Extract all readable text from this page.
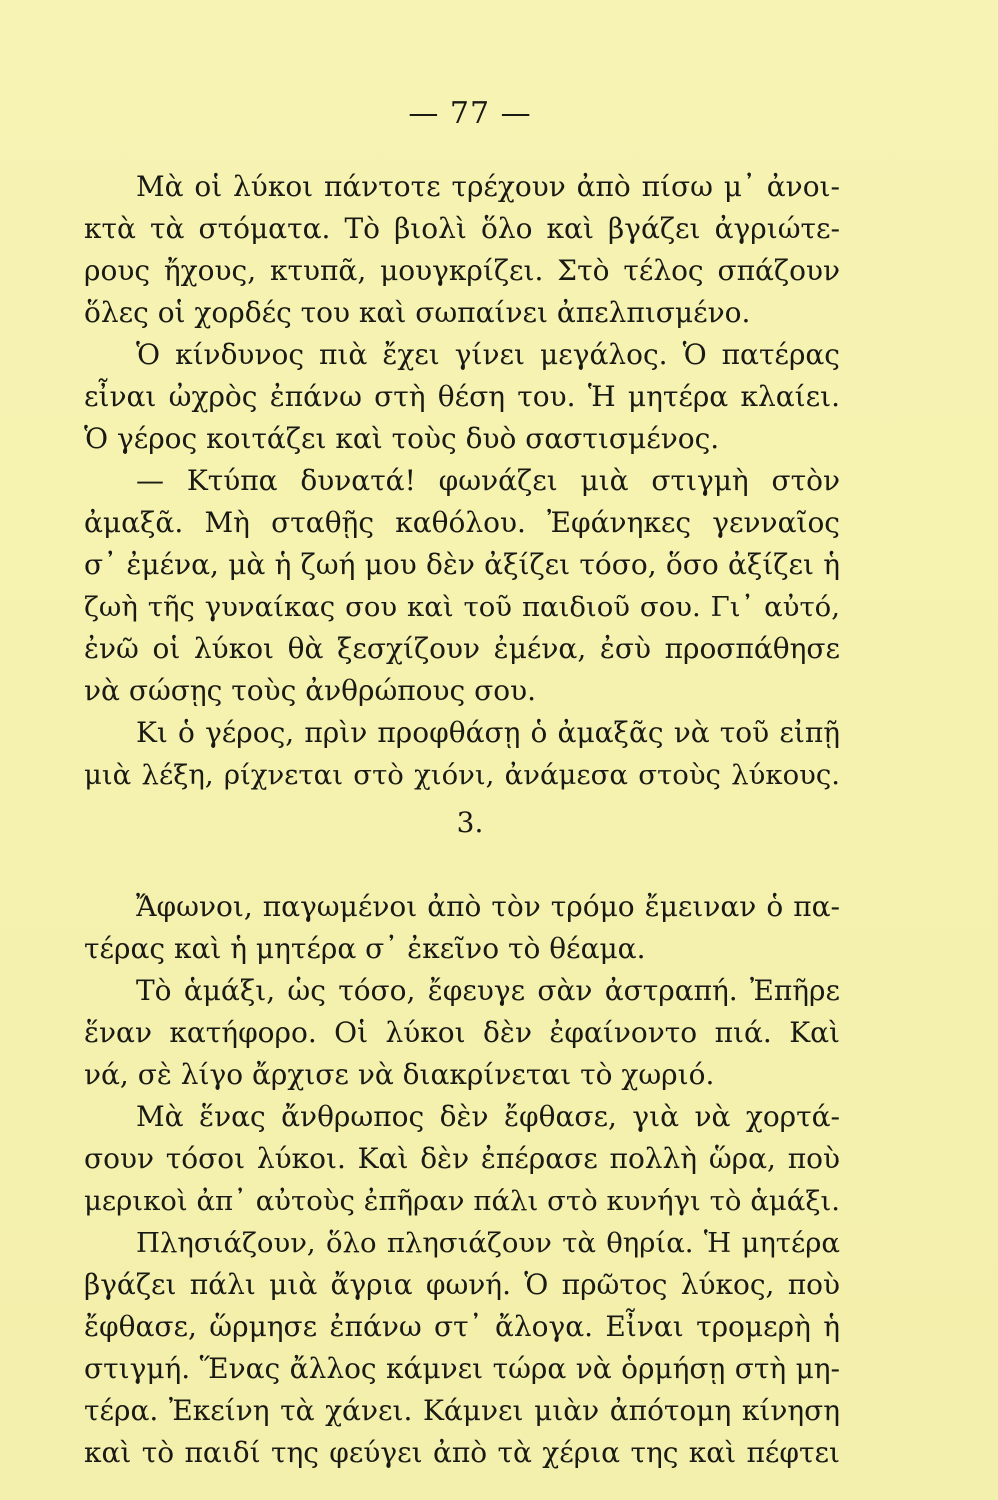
— 77 —
Μὰ οἱ λύκοι πάντοτε τρέχουν ἀπὸ πίσω μ᾿ ἀνοι-
κτὰ τὰ στόματα. Τὸ βιολὶ ὅλο καὶ βγάζει ἀγριώτε-
ρους ἤχους, κτυπᾶ, μουγκρίζει. Στὸ τέλος σπάζουν
ὅλες οἱ χορδές του καὶ σωπαίνει ἀπελπισμένο.
Ὁ κίνδυνος πιὰ ἔχει γίνει μεγάλος. Ὁ πατέρας
εἶναι ὠχρὸς ἐπάνω στὴ θέση του. Ἡ μητέρα κλαίει.
Ὁ γέρος κοιτάζει καὶ τοὺς δυὸ σαστισμένος.
— Κτύπα δυνατά! φωνάζει μιὰ στιγμὴ στὸν
ἀμαξᾶ. Μὴ σταθῇς καθόλου. Ἐφάνηκες γενναῖος
σ᾿ ἐμένα, μὰ ἡ ζωή μου δὲν ἀξίζει τόσο, ὅσο ἀξίζει ἡ
ζωὴ τῆς γυναίκας σου καὶ τοῦ παιδιοῦ σου. Γι᾿ αὐτό,
ἐνῶ οἱ λύκοι θὰ ξεσχίζουν ἐμένα, ἐσὺ προσπάθησε
νὰ σώσῃς τοὺς ἀνθρώπους σου.
Κι ὁ γέρος, πρὶν προφθάσῃ ὁ ἀμαξᾶς νὰ τοῦ εἰπῇ
μιὰ λέξη, ρίχνεται στὸ χιόνι, ἀνάμεσα στοὺς λύκους.
3.
Ἄφωνοι, παγωμένοι ἀπὸ τὸν τρόμο ἔμειναν ὁ πα-
τέρας καὶ ἡ μητέρα σ᾿ ἐκεῖνο τὸ θέαμα.
Τὸ ἁμάξι, ὡς τόσο, ἔφευγε σὰν ἀστραπή. Ἐπῆρε
ἕναν κατήφορο. Οἱ λύκοι δὲν ἐφαίνοντο πιά. Καὶ
νά, σὲ λίγο ἄρχισε νὰ διακρίνεται τὸ χωριό.
Μὰ ἕνας ἄνθρωπος δὲν ἔφθασε, γιὰ νὰ χορτά-
σουν τόσοι λύκοι. Καὶ δὲν ἐπέρασε πολλὴ ὥρα, ποὺ
μερικοὶ ἀπ᾿ αὐτοὺς ἐπῆραν πάλι στὸ κυνήγι τὸ ἁμάξι.
Πλησιάζουν, ὅλο πλησιάζουν τὰ θηρία. Ἡ μητέρα
βγάζει πάλι μιὰ ἄγρια φωνή. Ὁ πρῶτος λύκος, ποὺ
ἔφθασε, ὥρμησε ἐπάνω στ᾿ ἄλογα. Εἶναι τρομερὴ ἡ
στιγμή. Ἕνας ἄλλος κάμνει τώρα νὰ ὁρμήσῃ στὴ μη-
τέρα. Ἐκείνη τὰ χάνει. Κάμνει μιὰν ἀπότομη κίνηση
καὶ τὸ παιδί της φεύγει ἀπὸ τὰ χέρια της καὶ πέφτει
